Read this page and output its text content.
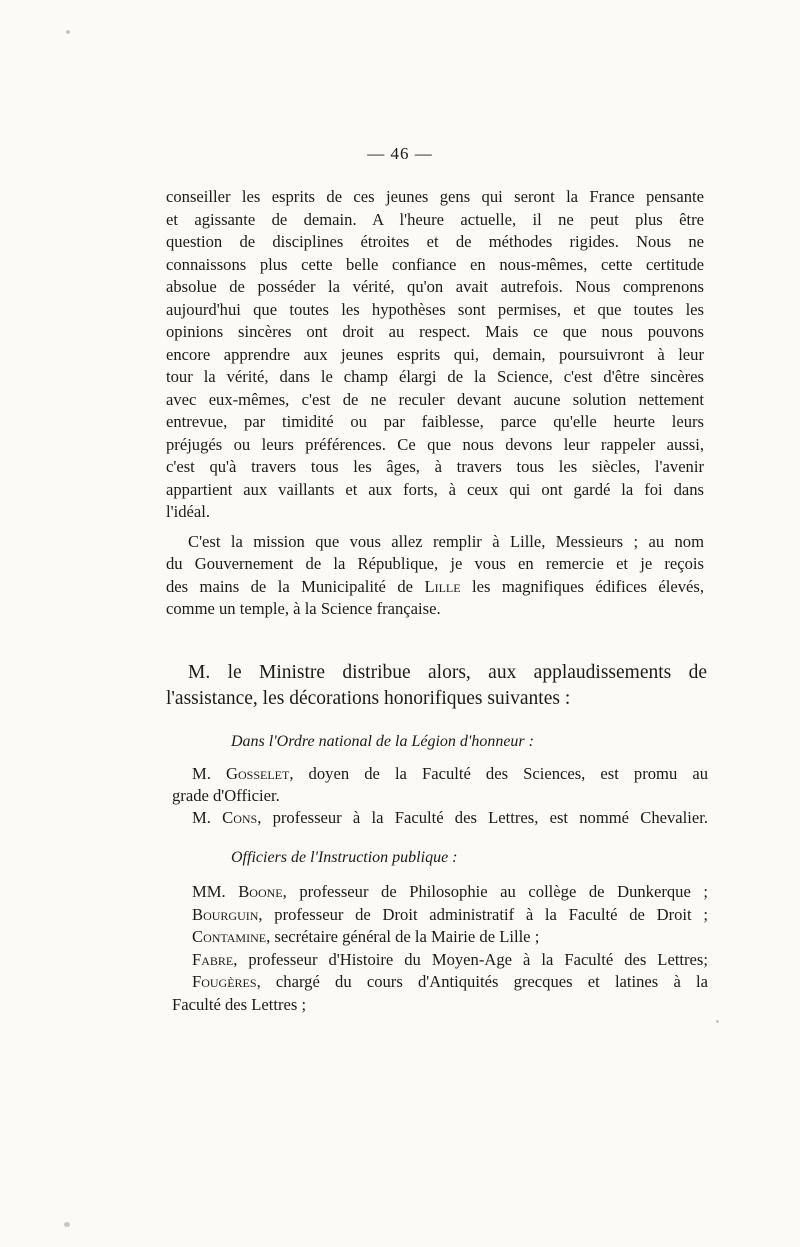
— 46 —

conseiller les esprits de ces jeunes gens qui seront la France pensante
et agissante de demain. A l'heure actuelle, il ne peut plus être
question de disciplines étroites et de méthodes rigides. Nous ne
connaissons plus cette belle confiance en nous-mêmes, cette certitude
absolue de posséder la vérité, qu'on avait autrefois. Nous comprenons
aujourd'hui que toutes les hypothèses sont permises, et que toutes les
opinions sincères ont droit au respect. Mais ce que nous pouvons
encore apprendre aux jeunes esprits qui, demain, poursuivront à leur
tour la vérité, dans le champ élargi de la Science, c'est d'être sincères
avec eux-mêmes, c'est de ne reculer devant aucune solution nettement
entrevue, par timidité ou par faiblesse, parce qu'elle heurte leurs
préjugés ou leurs préférences. Ce que nous devons leur rappeler aussi,
c'est qu'à travers tous les âges, à travers tous les siècles, l'avenir
appartient aux vaillants et aux forts, à ceux qui ont gardé la foi dans
l'idéal.

C'est la mission que vous allez remplir à Lille, Messieurs ; au nom
du Gouvernement de la République, je vous en remercie et je reçois
des mains de la Municipalité de Lille les magnifiques édifices élevés,
comme un temple, à la Science française.

M. le Ministre distribue alors, aux applaudissements de
l'assistance, les décorations honorifiques suivantes :
Dans l'Ordre national de la Légion d'honneur :
M. Gosselet, doyen de la Faculté des Sciences, est promu au
grade d'Officier.
M. Cons, professeur à la Faculté des Lettres, est nommé Chevalier.
Officiers de l'Instruction publique :
MM. Boone, professeur de Philosophie au collège de Dunkerque ;
Bourguin, professeur de Droit administratif à la Faculté de Droit ;
Contamine, secrétaire général de la Mairie de Lille ;
Fabre, professeur d'Histoire du Moyen-Age à la Faculté des Lettres;
Fougères, chargé du cours d'Antiquités grecques et latines à la
Faculté des Lettres ;
